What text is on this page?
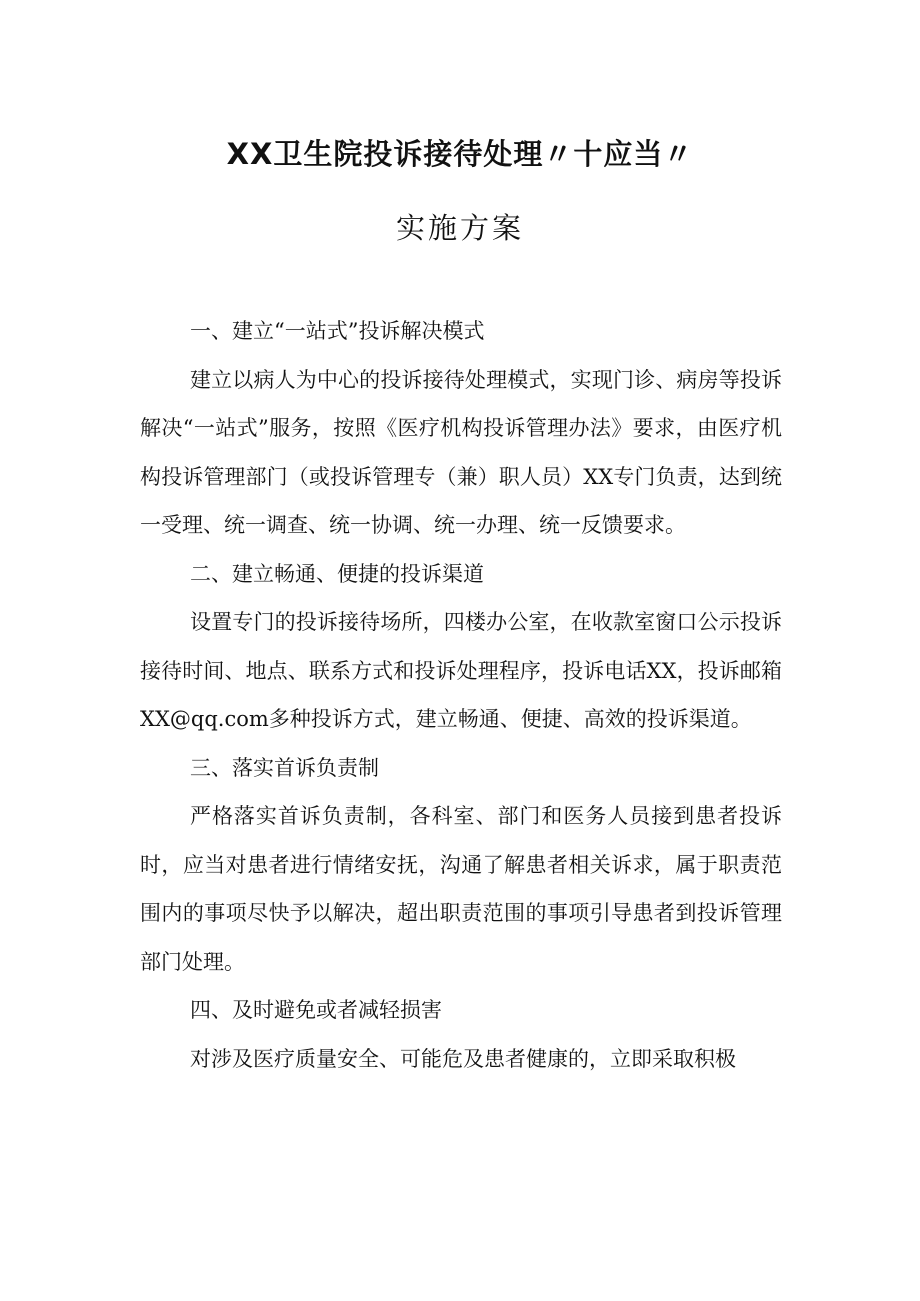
XX卫生院投诉接待处理〃十应当〃
实施方案

一、建立“一站式”投诉解决模式

建立以病人为中心的投诉接待处理模式，实现门诊、病房等投诉解决“一站式”服务，按照《医疗机构投诉管理办法》要求，由医疗机构投诉管理部门（或投诉管理专（兼）职人员）XX专门负责，达到统一受理、统一调查、统一协调、统一办理、统一反馈要求。

二、建立畅通、便捷的投诉渠道

设置专门的投诉接待场所，四楼办公室，在收款室窗口公示投诉接待时间、地点、联系方式和投诉处理程序，投诉电话XX，投诉邮箱XX@qq.com多种投诉方式，建立畅通、便捷、高效的投诉渠道。

三、落实首诉负责制

严格落实首诉负责制，各科室、部门和医务人员接到患者投诉时，应当对患者进行情绪安抚，沟通了解患者相关诉求，属于职责范围内的事项尽快予以解决，超出职责范围的事项引导患者到投诉管理部门处理。

四、及时避免或者减轻损害

对涉及医疗质量安全、可能危及患者健康的，立即采取积极
